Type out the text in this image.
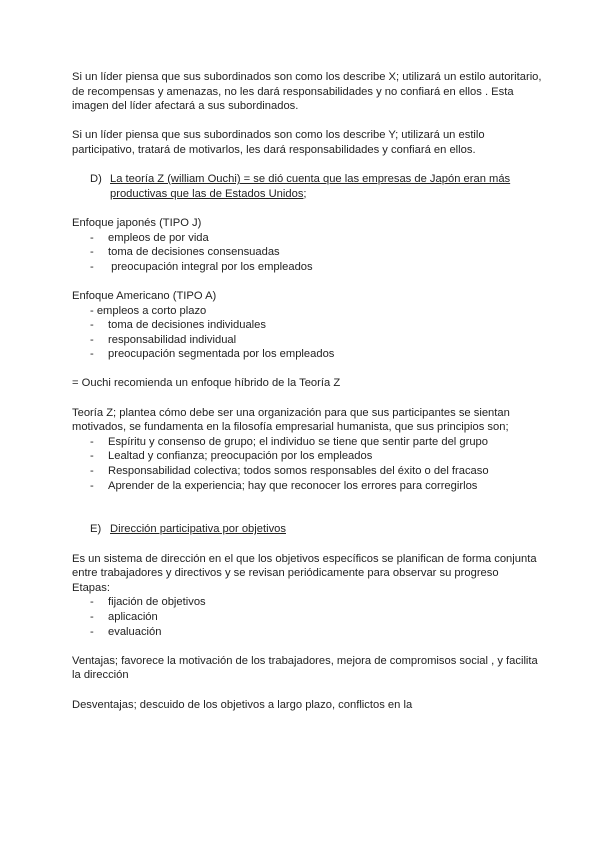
Si un líder piensa que sus subordinados son como los describe X; utilizará un estilo autoritario, de recompensas y amenazas, no les dará responsabilidades y no confiará en ellos . Esta imagen del líder afectará a sus subordinados.

Si un líder piensa que sus subordinados son como los describe Y; utilizará un estilo participativo, tratará de motivarlos, les dará responsabilidades y confiará en ellos.

D) La teoría Z (william Ouchi) = se dió cuenta que las empresas de Japón eran más productivas que las de Estados Unidos;

Enfoque japonés (TIPO J)

-	empleos de por vida
-	toma de decisiones consensuadas
-	preocupación integral por los empleados

Enfoque Americano (TIPO A)

- empleos a corto plazo

-	toma de decisiones individuales
-	responsabilidad individual
-	preocupación segmentada por los empleados

= Ouchi recomienda un enfoque híbrido de la Teoría Z

Teoría Z; plantea cómo debe ser una organización para que sus participantes se sientan motivados, se fundamenta en la filosofía empresarial humanista, que sus principios son;

-	Espíritu y consenso de grupo; el individuo se tiene que sentir parte del grupo
-	Lealtad y confianza; preocupación por los empleados
-	Responsabilidad colectiva; todos somos responsables del éxito o del fracaso
-	Aprender de la experiencia; hay que reconocer los errores para corregirlos
E) Dirección participativa por objetivos

Es un sistema de dirección en el que los objetivos específicos se planifican de forma conjunta entre trabajadores y directivos y se revisan periódicamente para observar su progreso

Etapas:

-	fijación de objetivos
-	aplicación
-	evaluación

Ventajas; favorece la motivación de los trabajadores, mejora de compromisos social , y facilita la dirección

Desventajas; descuido de los objetivos a largo plazo, conflictos en la
